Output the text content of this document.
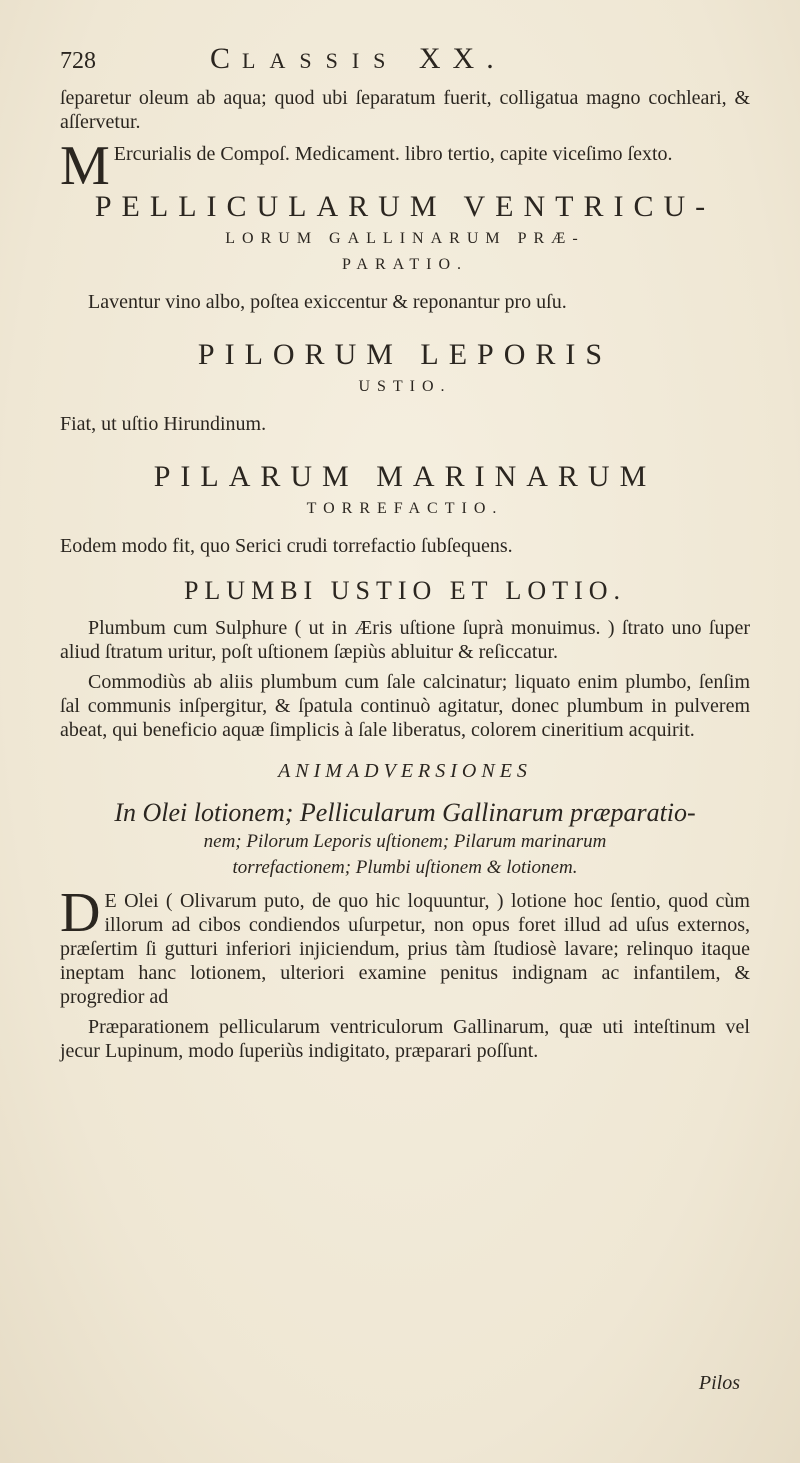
728	CLASSIS XX.

ſeparetur oleum ab aqua; quod ubi ſeparatum fuerit, colligatua magno cochleari, & aſſervetur.

M Ercurialis de Compoſ. Medicament. libro tertio, capite viceſimo ſexto.

PELLICULARUM VENTRICU-
LORUM GALLINARUM PRÆ-
PARATIO.

Laventur vino albo, poſtea exiccentur & reponantur pro uſu.

PILORUM LEPORIS
USTIO.

Fiat, ut uſtio Hirundinum.

PILARUM MARINARUM
TORREFACTIO.

Eodem modo fit, quo Serici crudi torrefactio ſubſequens.

PLUMBI USTIO ET LOTIO.

Plumbum cum Sulphure ( ut in Æris uſtione ſuprà monuimus. ) ſtrato uno ſuper aliud ſtratum uritur, poſt uſtionem ſæpiùs abluitur & reſiccatur.

Commodiùs ab aliis plumbum cum ſale calcinatur; liquato enim plumbo, ſenſim ſal communis inſpergitur, & ſpatula continuò agitatur, donec plumbum in pulverem abeat, qui beneficio aquæ ſimplicis à ſale liberatus, colorem cineritium acquirit.

ANIMADVERSIONES
In Olei lotionem; Pellicularum Gallinarum præparatio-
nem; Pilorum Leporis uſtionem; Pilarum marinarum
torrefactionem; Plumbi uſtionem & lotionem.

D E Olei ( Olivarum puto, de quo hic loquuntur, ) lotione hoc ſentio, quod cùm illorum ad cibos condiendos uſurpetur, non opus foret illud ad uſus externos, præſertim ſi gutturi inferiori injiciendum, prius tàm ſtudiosè lavare; relinquo itaque ineptam hanc lotionem, ulteriori examine penitus indignam ac infantilem, & progredior ad

Præparationem pellicularum ventriculorum Gallinarum, quæ uti inteſtinum vel jecur Lupinum, modo ſuperiùs indigitato, præparari poſſunt.

Pilos
